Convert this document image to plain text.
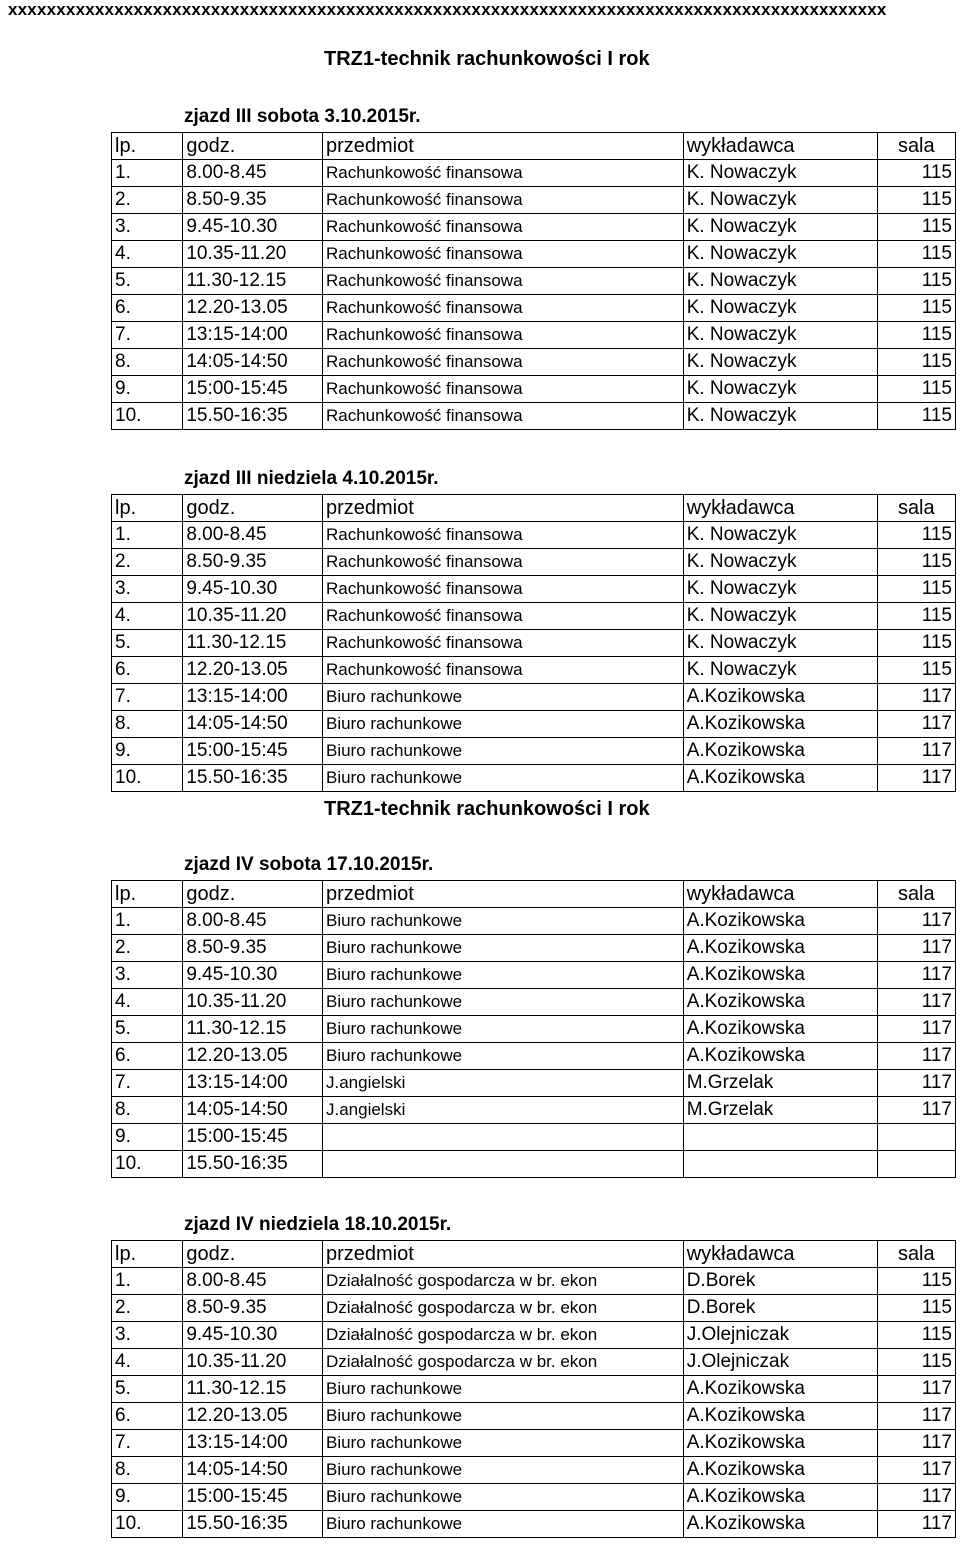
xxxxxxxxxxxxxxxxxxxxxxxxxxxxxxxxxxxxxxxxxxxxxxxxxxxxxxxxxxxxxxxxxxxxxxxxxxxxxxxxxxxxxxxxxxx
TRZ1-technik rachunkowości I rok
zjazd III sobota 3.10.2015r.
lp.	godz.	przedmiot	wykładawca	sala
1.	8.00-8.45	Rachunkowość finansowa	K. Nowaczyk	115
2.	8.50-9.35	Rachunkowość finansowa	K. Nowaczyk	115
3.	9.45-10.30	Rachunkowość finansowa	K. Nowaczyk	115
4.	10.35-11.20	Rachunkowość finansowa	K. Nowaczyk	115
5.	11.30-12.15	Rachunkowość finansowa	K. Nowaczyk	115
6.	12.20-13.05	Rachunkowość finansowa	K. Nowaczyk	115
7.	13:15-14:00	Rachunkowość finansowa	K. Nowaczyk	115
8.	14:05-14:50	Rachunkowość finansowa	K. Nowaczyk	115
9.	15:00-15:45	Rachunkowość finansowa	K. Nowaczyk	115
10.	15.50-16:35	Rachunkowość finansowa	K. Nowaczyk	115
zjazd III niedziela 4.10.2015r.
lp.	godz.	przedmiot	wykładawca	sala
1.	8.00-8.45	Rachunkowość finansowa	K. Nowaczyk	115
2.	8.50-9.35	Rachunkowość finansowa	K. Nowaczyk	115
3.	9.45-10.30	Rachunkowość finansowa	K. Nowaczyk	115
4.	10.35-11.20	Rachunkowość finansowa	K. Nowaczyk	115
5.	11.30-12.15	Rachunkowość finansowa	K. Nowaczyk	115
6.	12.20-13.05	Rachunkowość finansowa	K. Nowaczyk	115
7.	13:15-14:00	Biuro rachunkowe	A.Kozikowska	117
8.	14:05-14:50	Biuro rachunkowe	A.Kozikowska	117
9.	15:00-15:45	Biuro rachunkowe	A.Kozikowska	117
10.	15.50-16:35	Biuro rachunkowe	A.Kozikowska	117
TRZ1-technik rachunkowości I rok
zjazd IV sobota 17.10.2015r.
lp.	godz.	przedmiot	wykładawca	sala
1.	8.00-8.45	Biuro rachunkowe	A.Kozikowska	117
2.	8.50-9.35	Biuro rachunkowe	A.Kozikowska	117
3.	9.45-10.30	Biuro rachunkowe	A.Kozikowska	117
4.	10.35-11.20	Biuro rachunkowe	A.Kozikowska	117
5.	11.30-12.15	Biuro rachunkowe	A.Kozikowska	117
6.	12.20-13.05	Biuro rachunkowe	A.Kozikowska	117
7.	13:15-14:00	J.angielski	M.Grzelak	117
8.	14:05-14:50	J.angielski	M.Grzelak	117
9.	15:00-15:45			
10.	15.50-16:35			
zjazd IV niedziela 18.10.2015r.
lp.	godz.	przedmiot	wykładawca	sala
1.	8.00-8.45	Działalność gospodarcza w br. ekon	D.Borek	115
2.	8.50-9.35	Działalność gospodarcza w br. ekon	D.Borek	115
3.	9.45-10.30	Działalność gospodarcza w br. ekon	J.Olejniczak	115
4.	10.35-11.20	Działalność gospodarcza w br. ekon	J.Olejniczak	115
5.	11.30-12.15	Biuro rachunkowe	A.Kozikowska	117
6.	12.20-13.05	Biuro rachunkowe	A.Kozikowska	117
7.	13:15-14:00	Biuro rachunkowe	A.Kozikowska	117
8.	14:05-14:50	Biuro rachunkowe	A.Kozikowska	117
9.	15:00-15:45	Biuro rachunkowe	A.Kozikowska	117
10.	15.50-16:35	Biuro rachunkowe	A.Kozikowska	117
